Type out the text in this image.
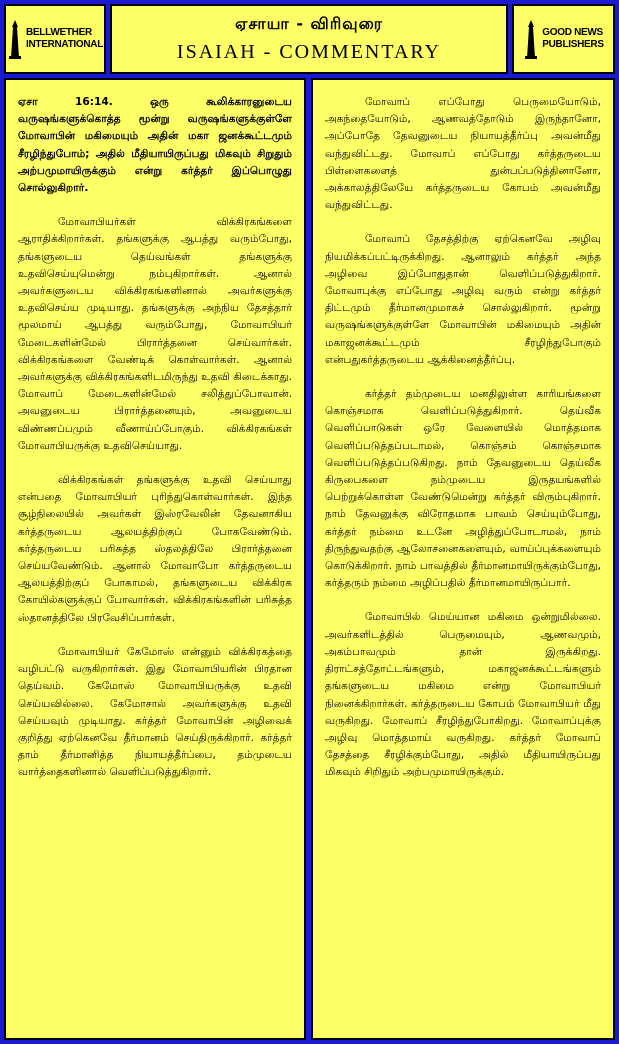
BELLWETHER
INTERNATIONAL
ஏசாயா - விரிவுரை
ISAIAH - COMMENTARY
GOOD NEWS
PUBLISHERS

ஏசா 16:14. ஒரு கூலிக்காரனுடைய வருஷங்களுக்கொத்த மூன்று வருஷங்களுக்குள்ளே மோவாபின் மகிமையும் அதின் மகா ஜனக்கூட்டமும் சீரழிந்துபோம்; அதில் மீதியாயிருப்பது மிகவும் சிறுதும் அற்பமுமாயிருக்கும் என்று கர்த்தர் இப்பொழுது சொல்லுகிறார்.

மோவாபியர்கள் விக்கிரகங்களை ஆராதிக்கிறார்கள். தங்களுக்கு ஆபத்து வரும்போது, தங்களுடைய தெய்வங்கள் தங்களுக்கு உதவிசெய்யுமென்று நம்புகிறார்கள். ஆனால் அவர்களுடைய விக்கிரகங்களினால் அவர்களுக்கு உதவிசெய்ய முடியாது. தங்களுக்கு அந்நிய தேசத்தார் மூலமாய் ஆபத்து வரும்போது, மோவாபியர் மேடைகளின்மேல் பிரார்த்தனை செய்வார்கள். விக்கிரகங்களை வேண்டிக் கொள்வார்கள். ஆனால் அவர்களுக்கு விக்கிரகங்களிடமிருந்து உதவி கிடைக்காது. மோவாப் மேடைகளின்மேல் சலித்துப்போவான். அவனுடைய பிரார்த்தனையும், அவனுடைய விண்ணப்பமும் வீணாய்ப்போகும். விக்கிரகங்கள் மோவாபியருக்கு உதவிசெய்யாது.

விக்கிரகங்கள் தங்களுக்கு உதவி செய்யாது என்பதை மோவாபியர் புரிந்துகொள்வார்கள். இந்த சூழ்நிலையில் அவர்கள் இஸ்ரவேலின் தேவனாகிய கர்த்தருடைய ஆலயத்திற்குப் போகவேண்டும். கர்த்தருடைய பரிசுத்த ஸ்தலத்திலே பிரார்த்தனை செய்யவேண்டும். ஆனால் மோவாபோ கர்த்தருடைய ஆலயத்திற்குப் போகாமல், தங்களுடைய விக்கிரக கோயில்களுக்குப் போவார்கள். விக்கிரகங்களின் பரிசுத்த ஸ்தானத்திலே பிரவேசிப்பார்கள்.

மோவாபியர் கேமோஸ் என்னும் விக்கிரகத்தை வழிபட்டு வருகிறார்கள். இது மோவாபியரின் பிரதான தெய்வம். கேமோஸ் மோவாபியருக்கு உதவி செய்யவில்லை. கேமோசால் அவர்களுக்கு உதவி செய்யவும் முடியாது. கர்த்தர் மோவாபின் அழிவைக் குறித்து ஏற்கெனவே தீர்மானம் செய்திருக்கிறார். கர்த்தர் தாம் தீர்மானித்த நியாயத்தீர்ப்பை, தம்முடைய வார்த்தைகளினால் வெளிப்படுத்துகிறார்.

மோவாப் எப்போது பெருமையோடும், அகந்தையோடும், ஆணவத்தோடும் இருந்தானோ, அப்போதே தேவனுடைய நியாயத்தீர்ப்பு அவன்மீது வந்துவிட்டது. மோவாப் எப்போது கர்த்தருடைய பிள்ளைகளைத் துன்பப்படுத்தினானோ, அக்காலத்திலேயே கர்த்தருடைய கோபம் அவன்மீது வந்துவிட்டது.

மோவாப் தேசத்திற்கு ஏற்கெனவே அழிவு நியமிக்கப்பட்டிருக்கிறது. ஆனாலும் கர்த்தர் அந்த அழிவை இப்போதுதான் வெளிப்படுத்துகிறார். மோவாபுக்கு எப்போது அழிவு வரும் என்று கர்த்தர் திட்டமும் தீர்மானமுமாகச் சொல்லுகிறார். மூன்று வருஷங்களுக்குள்ளே மோவாபின் மகிமையும் அதின் மகாஜனக்கூட்டமும் சீரழிந்துபோகும் என்பதுகர்த்தருடைய ஆக்கினைத்தீர்ப்பு.

கர்த்தர் தம்முடைய மனதிலுள்ள காரியங்களை கொஞ்சமாக வெளிப்படுத்துகிறார். தெய்வீக வெளிப்பாடுகள் ஒரே வேளையில் மொத்தமாக வெளிப்படுத்தப்படாமல், கொஞ்சம் கொஞ்சமாக வெளிப்படுத்தப்படுகிறது. நாம் தேவனுடைய தெய்வீக கிருபைகளை நம்முடைய இருதயங்களில் பெற்றுக்கொள்ள வேண்டுமென்று கர்த்தர் விரும்புகிறார். நாம் தேவனுக்கு விரோதமாக பாவம் செய்யும்போது, கர்த்தர் நம்மை உடனே அழித்துப்போடாமல், நாம் திருந்துவதற்கு ஆலோசனைகளையும், வாய்ப்புக்களையும் கொடுக்கிறார். நாம் பாவத்தில் தீர்மானமாயிருக்கும்போது, கர்த்தரும் நம்மை அழிப்பதில் தீர்மானமாயிருப்பார்.

மோவாபில் மெய்யான மகிமை ஒன்றுமில்லை. அவர்களிடத்தில் பெருமையும், ஆணவமும், அகம்பாவமும் தான் இருக்கிறது. திராட்சத்தோட்டங்களும், மகாஜனக்கூட்டங்களும் தங்களுடைய மகிமை என்று மோவாபியர் நினைக்கிறார்கள். கர்த்தருடைய கோபம் மோவாபியர் மீது வருகிறது. மோவாப் சீரழிந்துபோகிறது. மோவாப்புக்கு அழிவு மொத்தமாய் வருகிறது. கர்த்தர் மோவாப் தேசத்தை சீரழிக்கும்போது, அதில் மீதியாயிருப்பது மிகவும் சிறிதும் அற்பமுமாயிருக்கும்.
